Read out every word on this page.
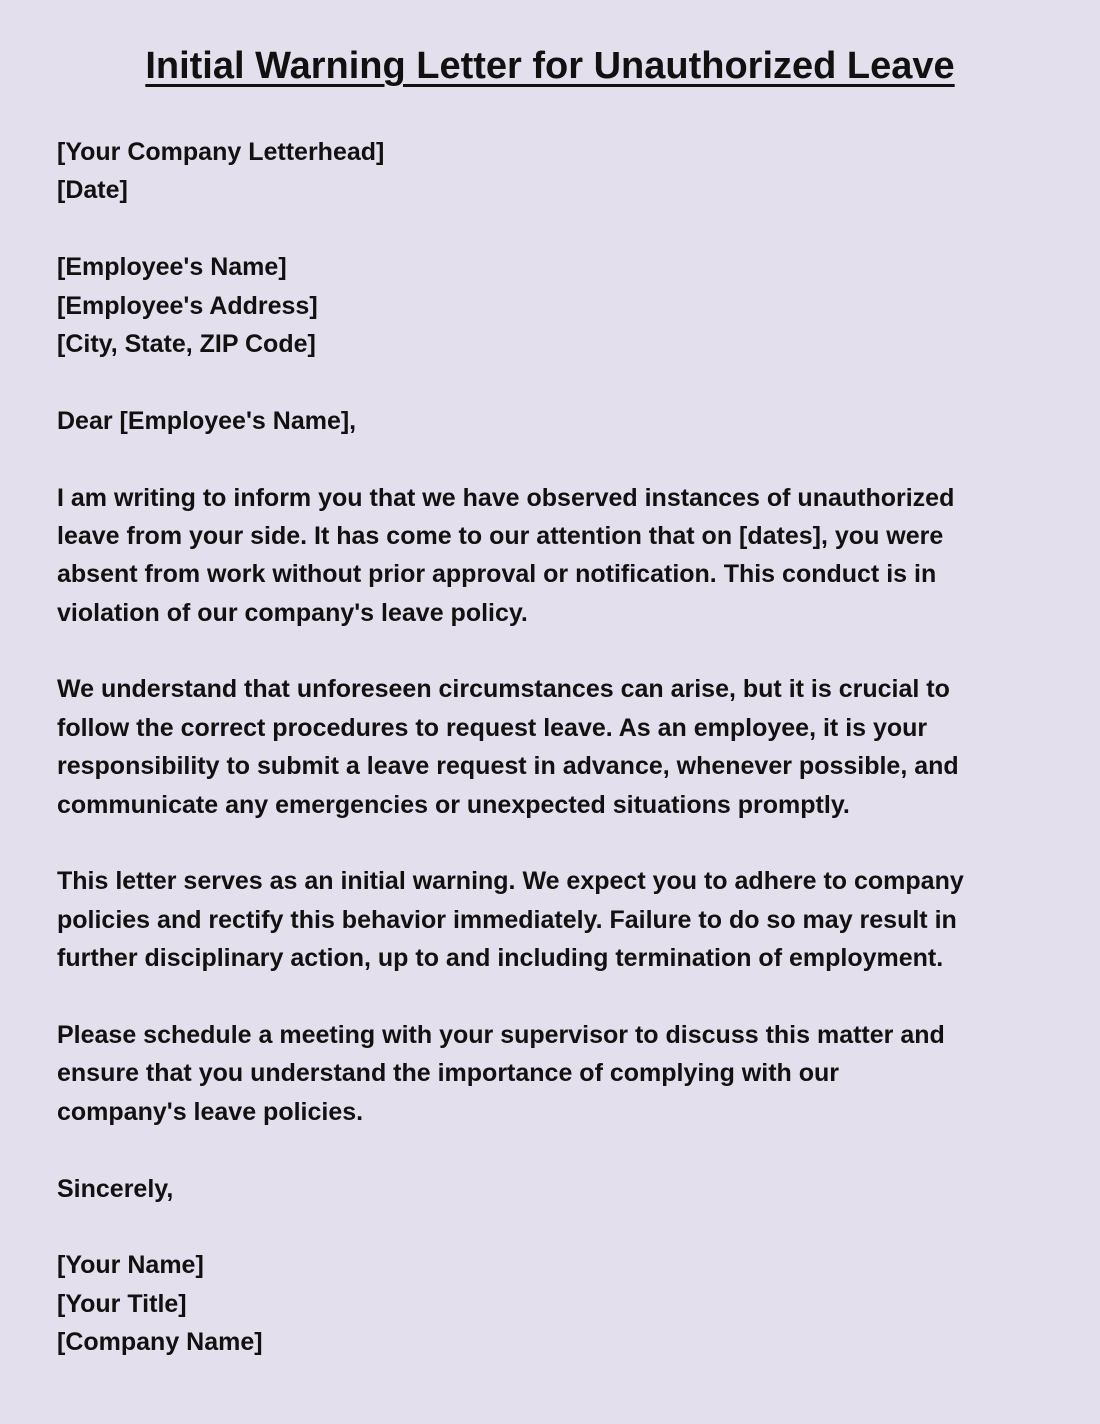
Initial Warning Letter for Unauthorized Leave
[Your Company Letterhead]
[Date]
[Employee's Name]
[Employee's Address]
[City, State, ZIP Code]
Dear [Employee's Name],
I am writing to inform you that we have observed instances of unauthorized
leave from your side. It has come to our attention that on [dates], you were
absent from work without prior approval or notification. This conduct is in
violation of our company's leave policy.
We understand that unforeseen circumstances can arise, but it is crucial to
follow the correct procedures to request leave. As an employee, it is your
responsibility to submit a leave request in advance, whenever possible, and
communicate any emergencies or unexpected situations promptly.
This letter serves as an initial warning. We expect you to adhere to company
policies and rectify this behavior immediately. Failure to do so may result in
further disciplinary action, up to and including termination of employment.
Please schedule a meeting with your supervisor to discuss this matter and
ensure that you understand the importance of complying with our
company's leave policies.
Sincerely,
[Your Name]
[Your Title]
[Company Name]
